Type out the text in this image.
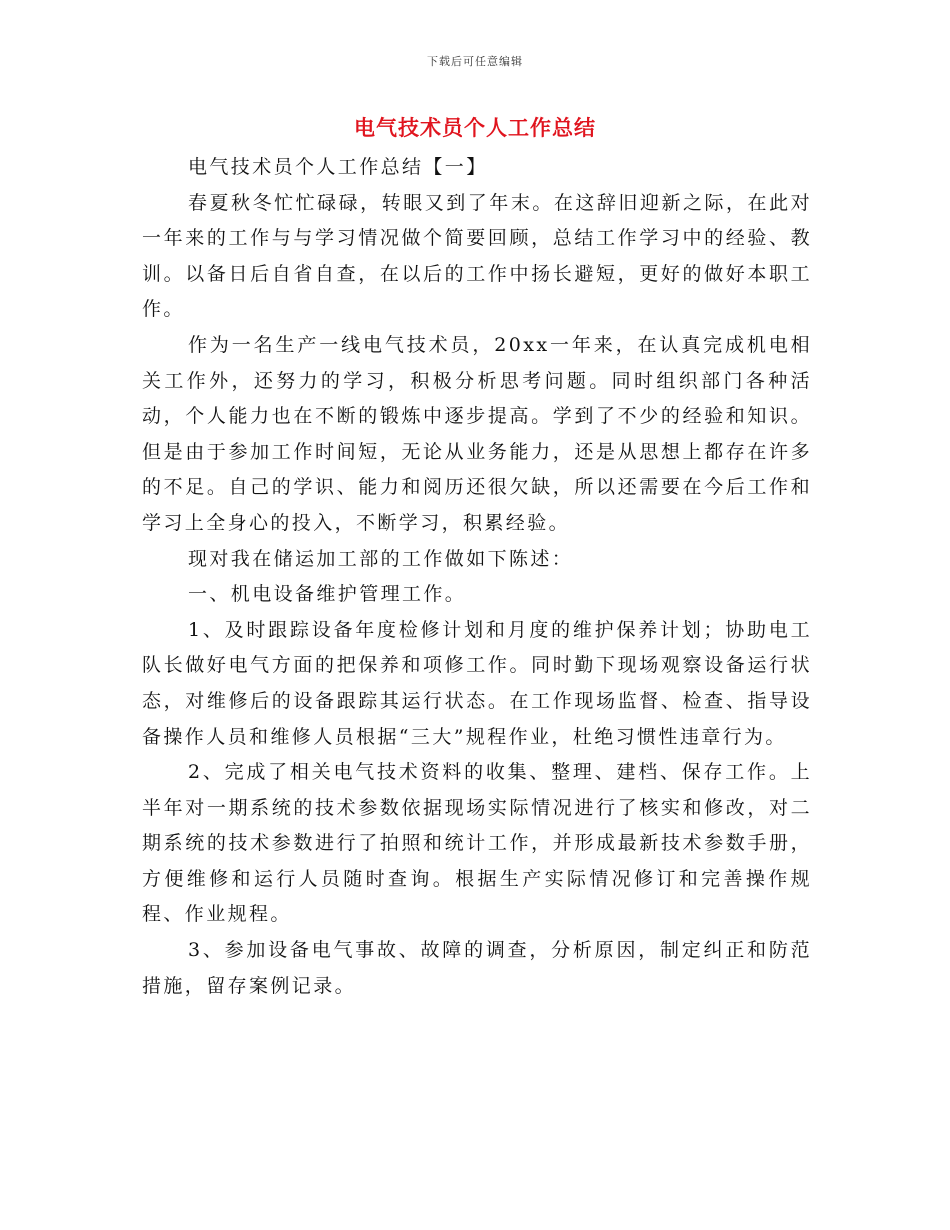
下载后可任意编辑
电气技术员个人工作总结

电气技术员个人工作总结【一】

春夏秋冬忙忙碌碌，转眼又到了年末。在这辞旧迎新之际，在此对一年来的工作与与学习情况做个简要回顾，总结工作学习中的经验、教训。以备日后自省自查，在以后的工作中扬长避短，更好的做好本职工作。

作为一名生产一线电气技术员，20xx一年来，在认真完成机电相关工作外，还努力的学习，积极分析思考问题。同时组织部门各种活动，个人能力也在不断的锻炼中逐步提高。学到了不少的经验和知识。但是由于参加工作时间短，无论从业务能力，还是从思想上都存在许多的不足。自己的学识、能力和阅历还很欠缺，所以还需要在今后工作和学习上全身心的投入，不断学习，积累经验。

现对我在储运加工部的工作做如下陈述：

一、机电设备维护管理工作。

1、及时跟踪设备年度检修计划和月度的维护保养计划；协助电工队长做好电气方面的把保养和项修工作。同时勤下现场观察设备运行状态，对维修后的设备跟踪其运行状态。在工作现场监督、检查、指导设备操作人员和维修人员根据“三大”规程作业，杜绝习惯性违章行为。

2、完成了相关电气技术资料的收集、整理、建档、保存工作。上半年对一期系统的技术参数依据现场实际情况进行了核实和修改，对二期系统的技术参数进行了拍照和统计工作，并形成最新技术参数手册，方便维修和运行人员随时查询。根据生产实际情况修订和完善操作规程、作业规程。

3、参加设备电气事故、故障的调查，分析原因，制定纠正和防范措施，留存案例记录。
